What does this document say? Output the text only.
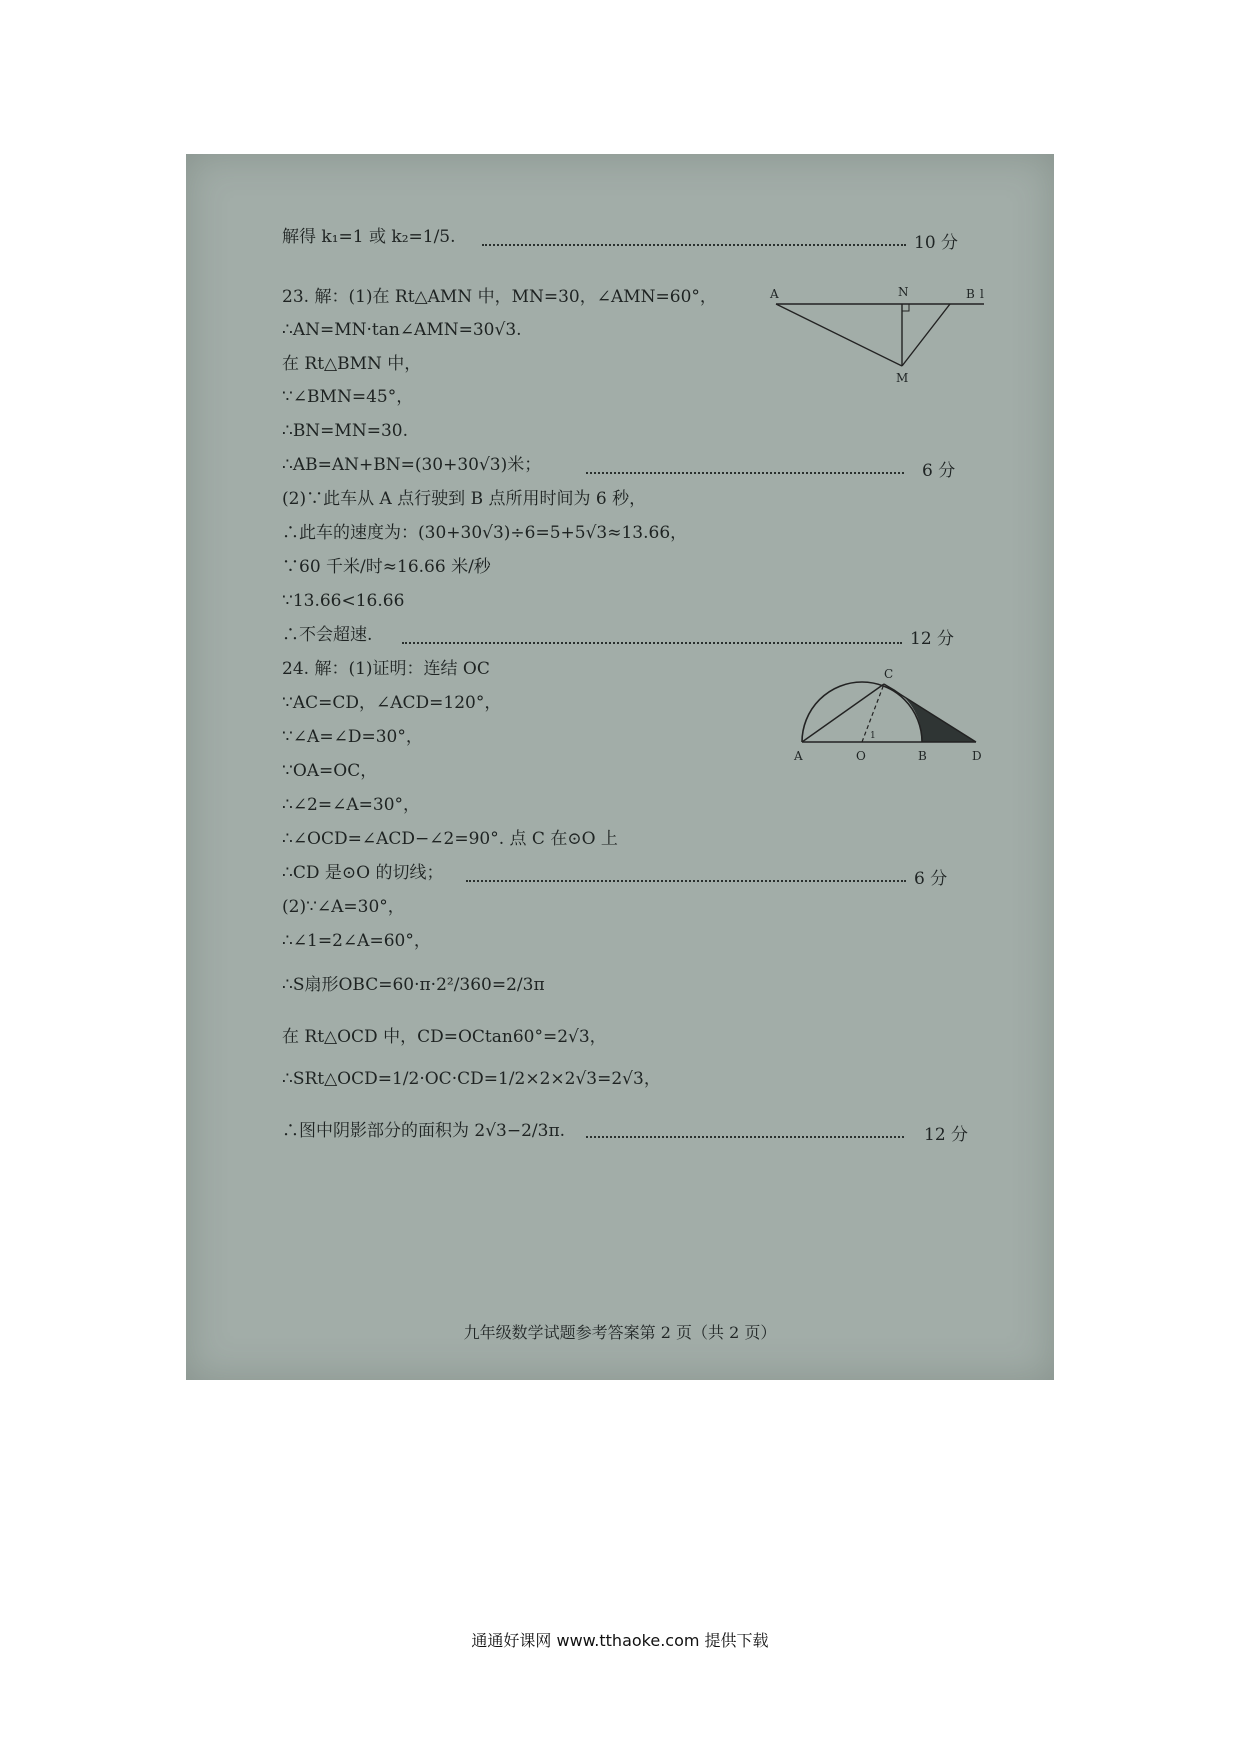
解得 k₁=1 或 k₂=1/5.	10 分
23. 解：(1)在 Rt△AMN 中，MN=30，∠AMN=60°，
∴AN=MN·tan∠AMN=30√3.
在 Rt△BMN 中，
∵∠BMN=45°，
∴BN=MN=30.
∴AB=AN+BN=(30+30√3)米；	6 分
(2)∵此车从 A 点行驶到 B 点所用时间为 6 秒，
∴此车的速度为：(30+30√3)÷6=5+5√3≈13.66，
∵60 千米/时≈16.66 米/秒
∵13.66<16.66
∴不会超速.	12 分
24. 解：(1)证明：连结 OC
∵AC=CD，∠ACD=120°，
∵∠A=∠D=30°，
∵OA=OC，
∴∠2=∠A=30°，
∴∠OCD=∠ACD−∠2=90°. 点 C 在⊙O 上
∴CD 是⊙O 的切线；	6 分
(2)∵∠A=30°，
∴∠1=2∠A=60°，
∴S扇形OBC=60·π·2²/360=2/3π
在 Rt△OCD 中，CD=OCtan60°=2√3，
∴SRt△OCD=1/2·OC·CD=1/2×2×2√3=2√3，
∴图中阴影部分的面积为 2√3−2/3π.	12 分
A	N	B l
M
C
A	O	B	D
1
九年级数学试题参考答案第 2 页（共 2 页）
通通好课网 www.tthaoke.com 提供下载
